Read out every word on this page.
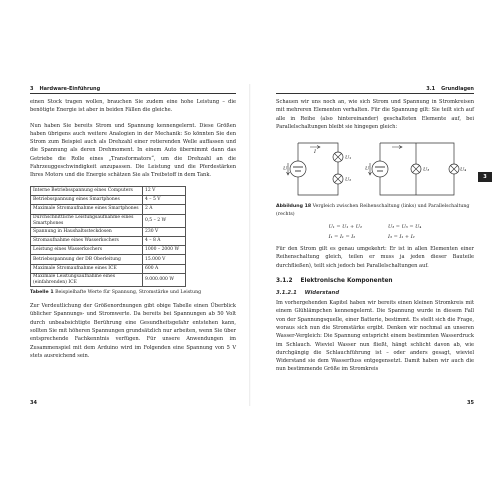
3 Hardware-Einführung

einen Stock tragen wollen, brauchen Sie zudem eine hohe Leistung – die benötigte Energie ist aber in beiden Fällen die gleiche.

Nun haben Sie bereits Strom und Spannung kennengelernt. Diese Größen haben übrigens auch weitere Analogien in der Mechanik: So könnten Sie den Strom zum Beispiel auch als Drehzahl einer rotierenden Welle auffassen und die Spannung als deren Drehmoment. In einem Auto übernimmt dann das Getriebe die Rolle eines „Transformators“, um die Drehzahl an die Fahrzeuggeschwindigkeit anzupassen. Die Leistung und die Pferdestärken Ihres Motors und die Energie schätzen Sie als Treibstoff in dem Tank.

Interne Betriebsspannung eines Computers	12 V
Betriebsspannung eines Smartphones	4 – 5 V
Maximale Stromaufnahme eines Smartphones	2 A
Durchschnittliche Leistungsaufnahme eines Smartphones	0,5 – 2 W
Spannung in Haushaltssteckdosen	230 V
Stromaufnahme eines Wasserkochers	4 – 8 A
Leistung eines Wasserkochers	1000 – 2000 W
Betriebsspannung der DB Oberleitung	15.000 V
Maximale Stromaufnahme eines ICE	600 A
Maximale Leistungsaufnahme eines (einfahrenden) ICE	9.000.000 W
Tabelle 1 Beispielhafte Werte für Spannung, Stromstärke und Leistung

Zur Verdeutlichung der Größenordnungen gibt obige Tabelle einen Überblick üblicher Spannungs- und Stromwerte. Da bereits bei Spannungen ab 50 Volt durch unbeabsichtigte Berührung eine Gesundheitsgefahr entstehen kann, sollten Sie mit höheren Spannungen grundsätzlich nur arbeiten, wenn Sie über entsprechende Fachkenntnis verfügen. Für unsere Anwendungen im Zusammenspiel mit dem Arduino wird im Folgenden eine Spannung von 5 V stets ausreichend sein.

34
3.1 Grundlagen

Schauen wir uns noch an, wie sich Strom und Spannung in Stromkreisen mit mehreren Elementen verhalten. Für die Spannung gilt: Sie teilt sich auf alle in Reihe (also hintereinander) geschalteten Elemente auf, bei Parallelschaltungen bleibt sie hingegen gleich:

U	U
I
U₁
U₂
U₃	U₄
Abbildung 18 Vergleich zwischen Reihenschaltung (links) und Parallelschaltung (rechts)
U₁ = U₁ + U₂
I₁ = I₁ = I₂
U₃ = U₃ = U₄
I₃ = I₁ + I₂

Für den Strom gilt es genau umgekehrt: Er ist in allen Elementen einer Reihenschaltung gleich, teilen er muss ja jeden dieser Bauteile durchfließen), teilt sich jedoch bei Parallelschaltungen auf.

3.1.2 Elektronische Komponenten
3.1.2.1 Widerstand

Im vorhergehenden Kapitel haben wir bereits einen kleinen Stromkreis mit einem Glühlämpchen kennengelernt. Die Spannung wurde in diesem Fall von der Spannungsquelle, einer Batterie, bestimmt. Es stellt sich die Frage, woraus sich nun die Stromstärke ergibt. Denken wir nochmal an unseren Wasser-Vergleich: Die Spannung entspricht einem bestimmten Wasserdruck im Schlauch. Wieviel Wasser nun fließt, hängt schlicht davon ab, wie durchgängig die Schlauchführung ist – oder anders gesagt, wieviel Widerstand sie dem Wasserfluss entgegensetzt. Damit haben wir auch die nun bestimmende Größe im Stromkreis

35
3
